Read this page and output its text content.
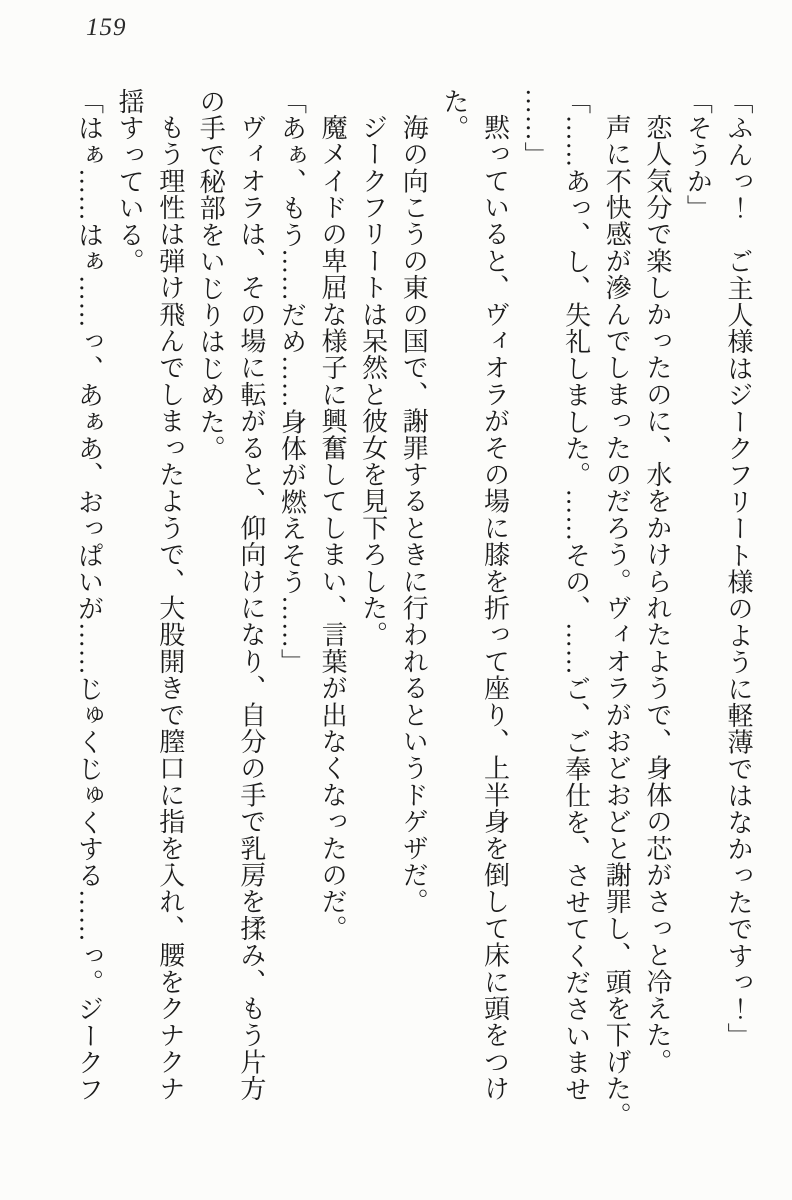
159

「ふんっ！　ご主人様はジークフリート様のように軽薄ではなかったですっ！」

「そうか」

恋人気分で楽しかったのに、水をかけられたようで、身体の芯がさっと冷えた。

声に不快感が滲んでしまったのだろう。ヴィオラがおどおどと謝罪し、頭を下げた。

「……あっ、し、失礼しました。……その、……ご、ご奉仕を、させてくださいませ

……」

黙っていると、ヴィオラがその場に膝を折って座り、上半身を倒して床に頭をつけ

た。

海の向こうの東の国で、謝罪するときに行われるというドゲザだ。

ジークフリートは呆然と彼女を見下ろした。

魔メイドの卑屈な様子に興奮してしまい、言葉が出なくなったのだ。

「あぁ、もう……だめ……身体が燃えそう……」

ヴィオラは、その場に転がると、仰向けになり、自分の手で乳房を揉み、もう片方

の手で秘部をいじりはじめた。

もう理性は弾け飛んでしまったようで、大股開きで膣口に指を入れ、腰をクナクナ

揺すっている。

「はぁ……はぁ……っ、あぁあ、おっぱいが……じゅくじゅくする……っ。ジークフ
